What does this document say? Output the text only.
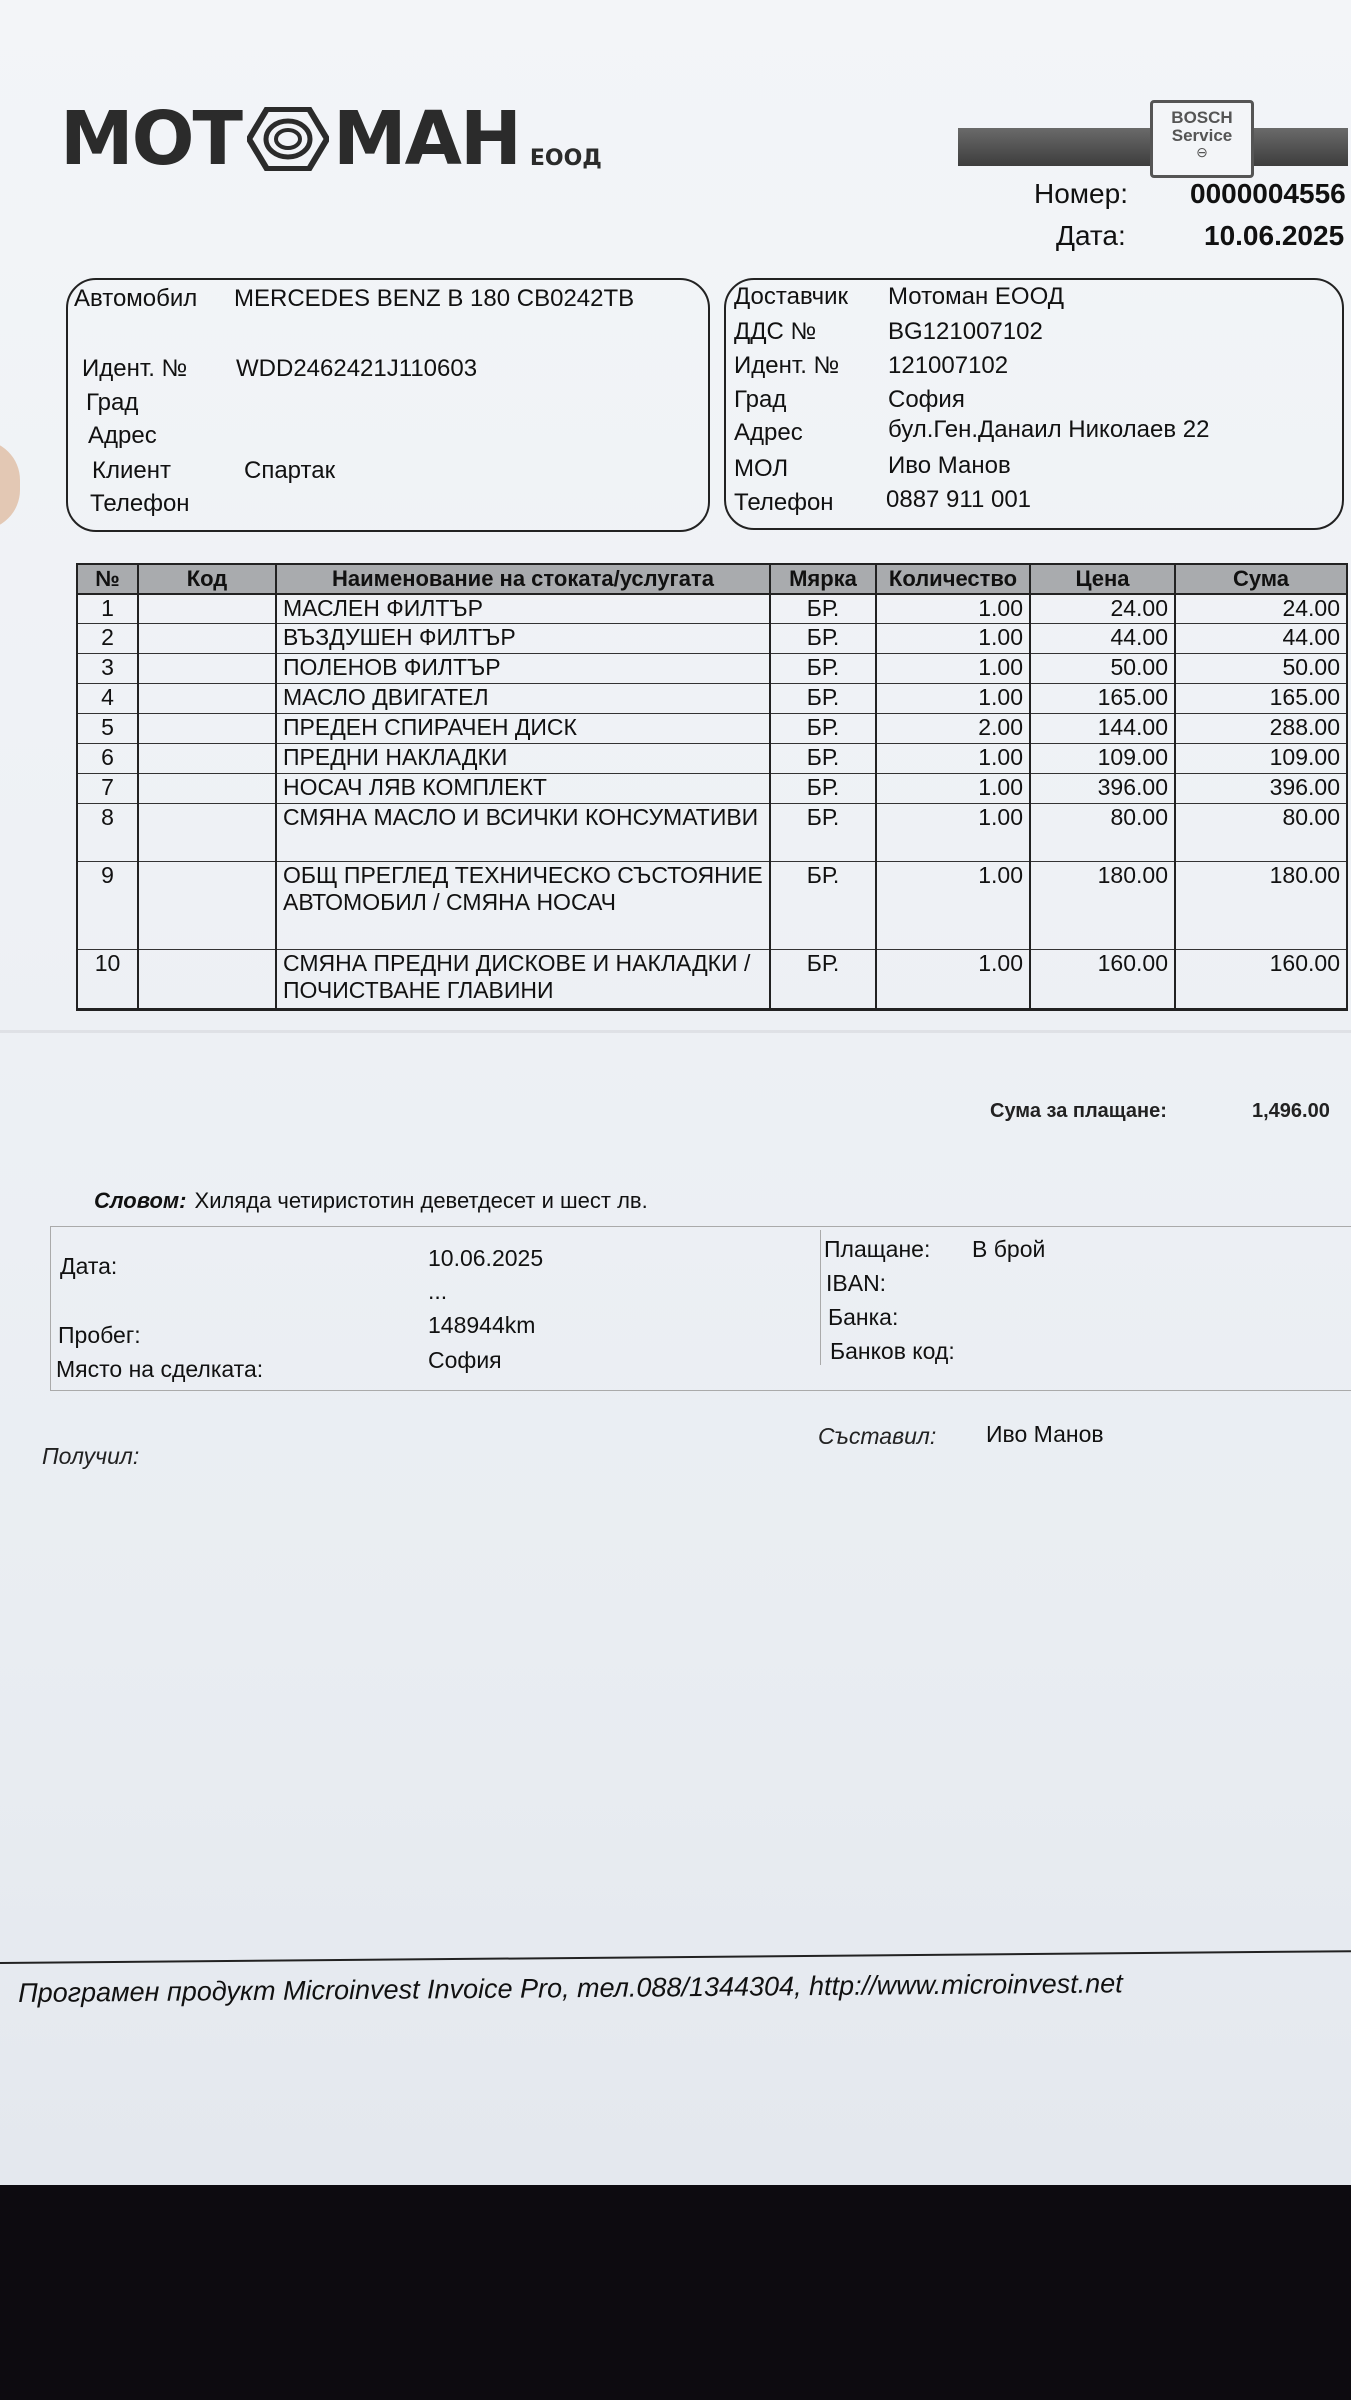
МОТ МАН ЕООД
BOSCH
Service
⊖
Номер: 0000004556
Дата:	10.06.2025
Автомобил MERCEDES BENZ B 180 CB0242TB
Идент. № WDD2462421J110603
Град
Адрес
Клиент	Спартак
Телефон
Доставчик Мотоман ЕООД
ДДС №	BG121007102
Идент. № 121007102
Град	София
Адрес	бул.Ген.Данаил Николаев 22
МОЛ	Иво Манов
Телефон 0887 911 001
№	Код	Наименование на стоката/услугата	Мярка	Количество	Цена	Сума
1		МАСЛЕН ФИЛТЪР	БР.	1.00	24.00	24.00
2		ВЪЗДУШЕН ФИЛТЪР	БР.	1.00	44.00	44.00
3		ПОЛЕНОВ ФИЛТЪР	БР.	1.00	50.00	50.00
4		МАСЛО ДВИГАТЕЛ	БР.	1.00	165.00	165.00
5		ПРЕДЕН СПИРАЧЕН ДИСК	БР.	2.00	144.00	288.00
6		ПРЕДНИ НАКЛАДКИ	БР.	1.00	109.00	109.00
7		НОСАЧ ЛЯВ КОМПЛЕКТ	БР.	1.00	396.00	396.00
8		СМЯНА МАСЛО И ВСИЧКИ КОНСУМАТИВИ	БР.	1.00	80.00	80.00
9		ОБЩ ПРЕГЛЕД ТЕХНИЧЕСКО СЪСТОЯНИЕ АВТОМОБИЛ / СМЯНА НОСАЧ	БР.	1.00	180.00	180.00
10		СМЯНА ПРЕДНИ ДИСКОВЕ И НАКЛАДКИ / ПОЧИСТВАНЕ ГЛАВИНИ	БР.	1.00	160.00	160.00
Сума за плащане:	1,496.00
Словом: Хиляда четиристотин деветдесет и шест лв.
Дата:	10.06.2025
...
Пробег:	148944km
Място на сделката:	София
Плащане: В брой
IBAN:
Банка:
Банков код:
Получил:
Съставил: Иво Манов
Програмен продукт Microinvest Invoice Pro, тел.088/1344304, http://www.microinvest.net
